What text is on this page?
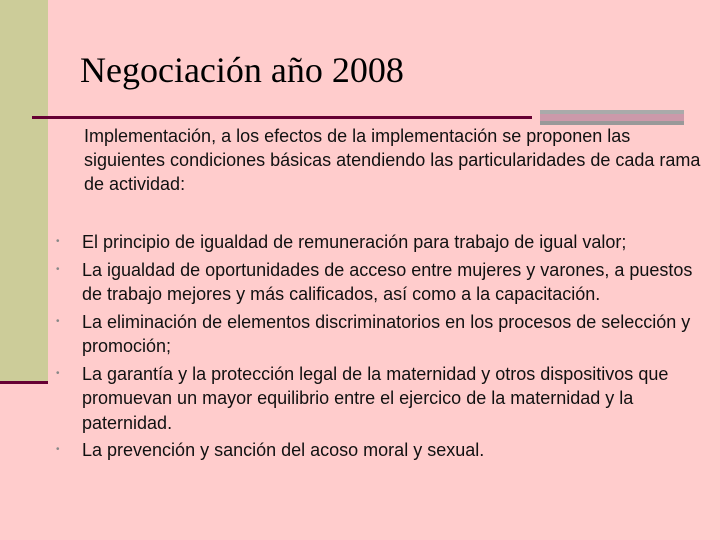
Negociación año 2008

Implementación, a los efectos de la implementación se proponen las siguientes condiciones básicas atendiendo las particularidades de cada rama de actividad:

•	El principio de igualdad de remuneración para trabajo de igual valor;
•	La igualdad de oportunidades de acceso entre mujeres y varones, a puestos de trabajo mejores y más calificados, así como a la capacitación.
•	La eliminación de elementos discriminatorios en los procesos de selección y promoción;
•	La garantía y la protección legal de la maternidad y otros dispositivos que promuevan un mayor equilibrio entre el ejercico de la maternidad y la paternidad.
•	La prevención y sanción del acoso moral y sexual.
